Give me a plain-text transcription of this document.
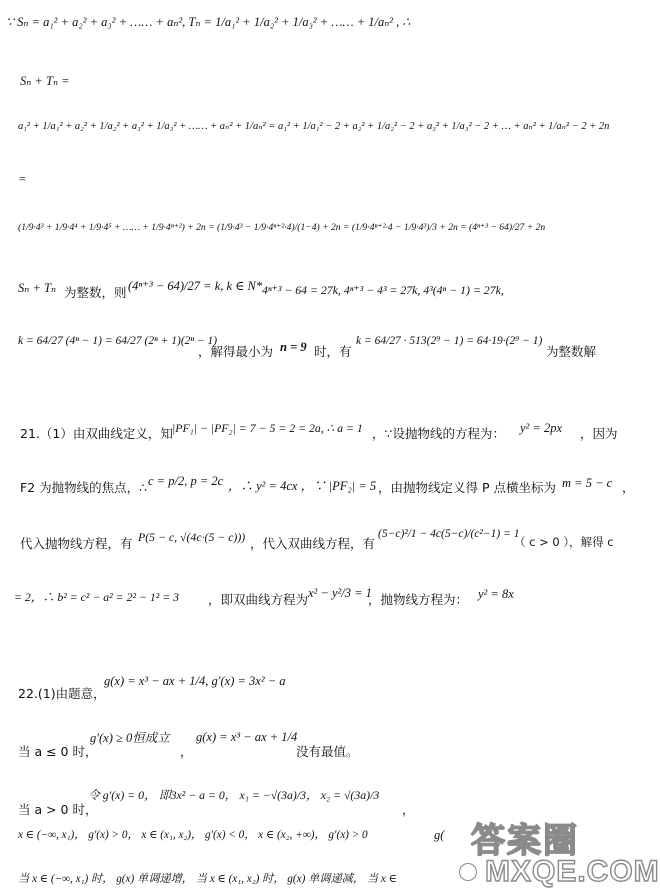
∵ Sₙ = a₁² + a₂² + a₃² + …… + aₙ², Tₙ = 1/a₁² + 1/a₂² + 1/a₃² + …… + 1/aₙ² , ∴
Sₙ + Tₙ =
a₁² + 1/a₁² + a₂² + 1/a₂² + a₃² + 1/a₃² + …… + aₙ² + 1/aₙ² = a₁² + 1/a₁² − 2 + a₂² + 1/a₂² − 2 + a₃² + 1/a₃² − 2 + … + aₙ² + 1/aₙ² − 2 + 2n
=
(1/9·4³ + 1/9·4⁴ + 1/9·4⁵ + …… + 1/9·4ⁿ⁺²) + 2n = (1/9·4³ − 1/9·4ⁿ⁺²·4)/(1−4) + 2n = (1/9·4ⁿ⁺²·4 − 1/9·4³)/3 + 2n = (4ⁿ⁺³ − 64)/27 + 2n
Sₙ + Tₙ 为整数，则 (4ⁿ⁺³ − 64)/27 = k, k ∈ N* 4ⁿ⁺³ − 64 = 27k, 4ⁿ⁺³ − 4³ = 27k, 4³(4ⁿ − 1) = 27k,
k = 64/27 (4ⁿ − 1) = 64/27 (2ⁿ + 1)(2ⁿ − 1)
，解得最小为 n = 9 时，有
k = 64/27 · 513(2⁹ − 1) = 64·19·(2⁹ − 1)
为整数解
21.（1）由双曲线定义，知 |PF₁| − |PF₂| = 7 − 5 = 2 = 2a, ∴ a = 1 ，∵设抛物线的方程为： y² = 2px ，因为
F2 为抛物线的焦点，∴ c = p/2, p = 2c ，∴ y² = 4cx ，∵ |PF₂| = 5 ，由抛物线定义得 P 点横坐标为 m = 5 − c ，
代入抛物线方程，有 P(5 − c, √(4c·(5 − c))) ，代入双曲线方程，有
(5−c)²/1 − 4c(5−c)/(c²−1) = 1
（ c > 0 ），解得 c
= 2，∴ b² = c² − a² = 2² − 1² = 3 ，即双曲线方程为 x² − y²/3 = 1
，抛物线方程为： y² = 8x
22.(1)由题意，
g(x) = x³ − ax + 1/4, g′(x) = 3x² − a
g′(x) ≥ 0恒成立
，
g(x) = x³ − ax + 1/4
当 a ≤ 0 时，	没有最值。
令 g′(x) = 0， 即3x² − a = 0， x₁ = −√(3a)/3， x₂ = √(3a)/3
，
当 a > 0 时，
x ∈ (−∞, x₁)， g′(x) > 0， x ∈ (x₁, x₂)， g′(x) < 0， x ∈ (x₂, +∞)， g′(x) > 0	g(
当 x ∈ (−∞, x₁) 时， g(x) 单调递增， 当 x ∈ (x₁, x₂) 时， g(x) 单调递减， 当 x ∈
答案圈
MXQE.COM
